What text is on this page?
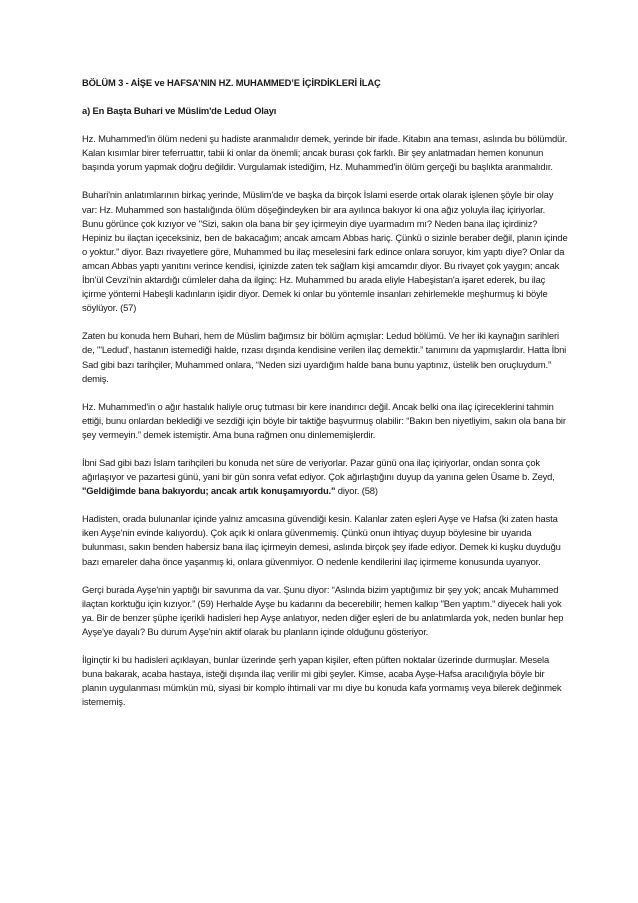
BÖLÜM 3 - AİŞE ve HAFSA’NIN HZ. MUHAMMED’E İÇİRDİKLERİ İLAÇ
a) En Başta Buhari ve Müslim'de Ledud Olayı

Hz. Muhammed'in ölüm nedeni şu hadiste aranmalıdır demek, yerinde bir ifade. Kitabın ana teması, aslında bu bölümdür. Kalan kısımlar birer teferruattır, tabii ki onlar da önemli; ancak burası çok farklı. Bir şey anlatmadan hemen konunun başında yorum yapmak doğru değildir. Vurgulamak istediğim, Hz. Muhammed'in ölüm gerçeği bu başlıkta aranmalıdır.

Buhari'nin anlatımlarının birkaç yerinde, Müslim'de ve başka da birçok İslami eserde ortak olarak işlenen şöyle bir olay var: Hz. Muhammed son hastalığında ölüm döşeğindeyken bir ara ayılınca bakıyor ki ona ağız yoluyla ilaç içiriyorlar. Bunu görünce çok kızıyor ve "Sizi, sakın ola bana bir şey içirmeyin diye uyarmadım mı? Neden bana ilaç içirdiniz? Hepiniz bu ilaçtan içeceksiniz, ben de bakacağım; ancak amcam Abbas hariç. Çünkü o sizinle beraber değil, planın içinde o yoktur." diyor. Bazı rivayetlere göre, Muhammed bu ilaç meselesini fark edince onlara soruyor, kim yaptı diye? Onlar da amcan Abbas yaptı yanıtını verince kendisi, içinizde zaten tek sağlam kişi amcamdır diyor. Bu rivayet çok yaygın; ancak İbn'ül Cevzi'nin aktardığı cümleler daha da ilginç: Hz. Muhammed bu arada eliyle Habeşistan'a işaret ederek, bu ilaç içirme yöntemi Habeşli kadınların işidir diyor. Demek ki onlar bu yöntemle insanları zehirlemekle meşhurmuş ki böyle söylüyor. (57)

Zaten bu konuda hem Buhari, hem de Müslim bağımsız bir bölüm açmışlar: Ledud bölümü. Ve her iki kaynağın sarihleri de, "'Ledud', hastanın istemediği halde, rızası dışında kendisine verilen ilaç demektir.” tanımını da yapmışlardır. Hatta İbni Sad gibi bazı tarihçiler, Muhammed onlara, “Neden sizi uyardığım halde bana bunu yaptınız, üstelik ben oruçluydum.” demiş.

Hz. Muhammed'in o ağır hastalık haliyle oruç tutması bir kere inandırıcı değil. Ancak belki ona ilaç içireceklerini tahmin ettiği, bunu onlardan beklediği ve sezdiği için böyle bir taktiğe başvurmuş olabilir: “Bakın ben niyetliyim, sakın ola bana bir şey vermeyin.” demek istemiştir. Ama buna rağmen onu dinlememişlerdir.

İbni Sad gibi bazı İslam tarihçileri bu konuda net süre de veriyorlar. Pazar günü ona ilaç içiriyorlar, ondan sonra çok ağırlaşıyor ve pazartesi günü, yani bir gün sonra vefat ediyor. Çok ağırlaştığını duyup da yanına gelen Üsame b. Zeyd, "Geldiğimde bana bakıyordu; ancak artık konuşamıyordu." diyor. (58)

Hadisten, orada bulunanlar içinde yalnız amcasına güvendiği kesin. Kalanlar zaten eşleri Ayşe ve Hafsa (ki zaten hasta iken Ayşe'nin evinde kalıyordu). Çok açık ki onlara güvenmemiş. Çünkü onun ihtiyaç duyup böylesine bir uyarıda bulunması, sakın benden habersiz bana ilaç içirmeyin demesi, aslında birçok şey ifade ediyor. Demek ki kuşku duyduğu bazı emareler daha önce yaşanmış ki, onlara güvenmiyor. O nedenle kendilerini ilaç içirmeme konusunda uyarıyor.

Gerçi burada Ayşe'nin yaptığı bir savunma da var. Şunu diyor: “Aslında bizim yaptığımız bir şey yok; ancak Muhammed ilaçtan korktuğu için kızıyor.” (59) Herhalde Ayşe bu kadarını da becerebilir; hemen kalkıp "Ben yaptım." diyecek hali yok ya. Bir de benzer şüphe içerikli hadisleri hep Ayşe anlatıyor, neden diğer eşleri de bu anlatımlarda yok, neden bunlar hep Ayşe'ye dayalı? Bu durum Ayşe'nin aktif olarak bu planların içinde olduğunu gösteriyor.

İlginçtir ki bu hadisleri açıklayan, bunlar üzerinde şerh yapan kişiler, eften püften noktalar üzerinde durmuşlar. Mesela buna bakarak, acaba hastaya, isteği dışında ilaç verilir mi gibi şeyler. Kimse, acaba Ayşe-Hafsa aracılığıyla böyle bir planın uygulanması mümkün mü, siyasi bir komplo ihtimali var mı diye bu konuda kafa yormamış veya bilerek değinmek istememiş.
